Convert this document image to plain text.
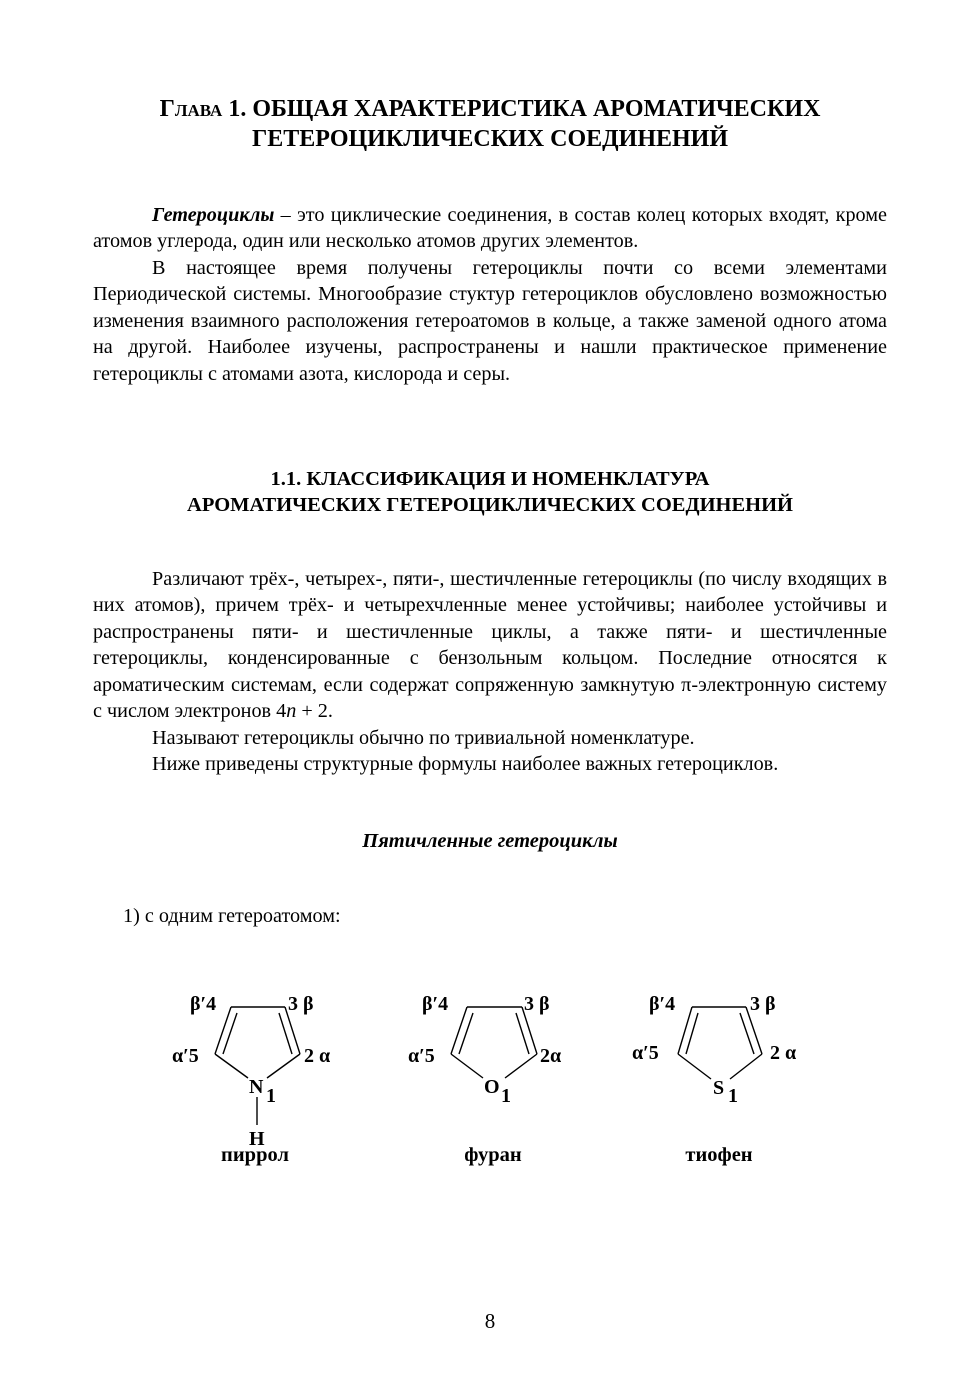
Глава 1. ОБЩАЯ ХАРАКТЕРИСТИКА АРОМАТИЧЕСКИХ
ГЕТЕРОЦИКЛИЧЕСКИХ СОЕДИНЕНИЙ
Гетероциклы – это циклические соединения, в состав колец которых входят, кроме атомов углерода, один или несколько атомов других элементов.
В настоящее время получены гетероциклы почти со всеми элементами Периодической системы. Многообразие стуктур гетероциклов обусловлено возможностью изменения взаимного расположения гетероатомов в кольце, а также заменой одного атома на другой. Наиболее изучены, распространены и нашли практическое применение гетероциклы с атомами азота, кислорода и серы.
1.1. КЛАССИФИКАЦИЯ И НОМЕНКЛАТУРА
АРОМАТИЧЕСКИХ ГЕТЕРОЦИКЛИЧЕСКИХ СОЕДИНЕНИЙ
Различают трёх-, четырех-, пяти-, шестичленные гетероциклы (по числу входящих в них атомов), причем трёх- и четырехчленные менее устойчивы; наиболее устойчивы и распространены пяти- и шестичленные циклы, а также пяти- и шестичленные гетероциклы, конденсированные с бензольным кольцом. Последние относятся к ароматическим системам, если содержат сопряженную замкнутую π-электронную систему с числом электронов 4n + 2.
Называют гетероциклы обычно по тривиальной номенклатуре.
Ниже приведены структурные формулы наиболее важных гетероциклов.
Пятичленные гетероциклы
1) с одним гетероатомом:
β′4	3 β
α′5	2 α
N 1
H
β′4	3 β
α′5	2α
O 1
β′4	3 β
α′5	2 α
S 1
пиррол	фуран	тиофен
8
